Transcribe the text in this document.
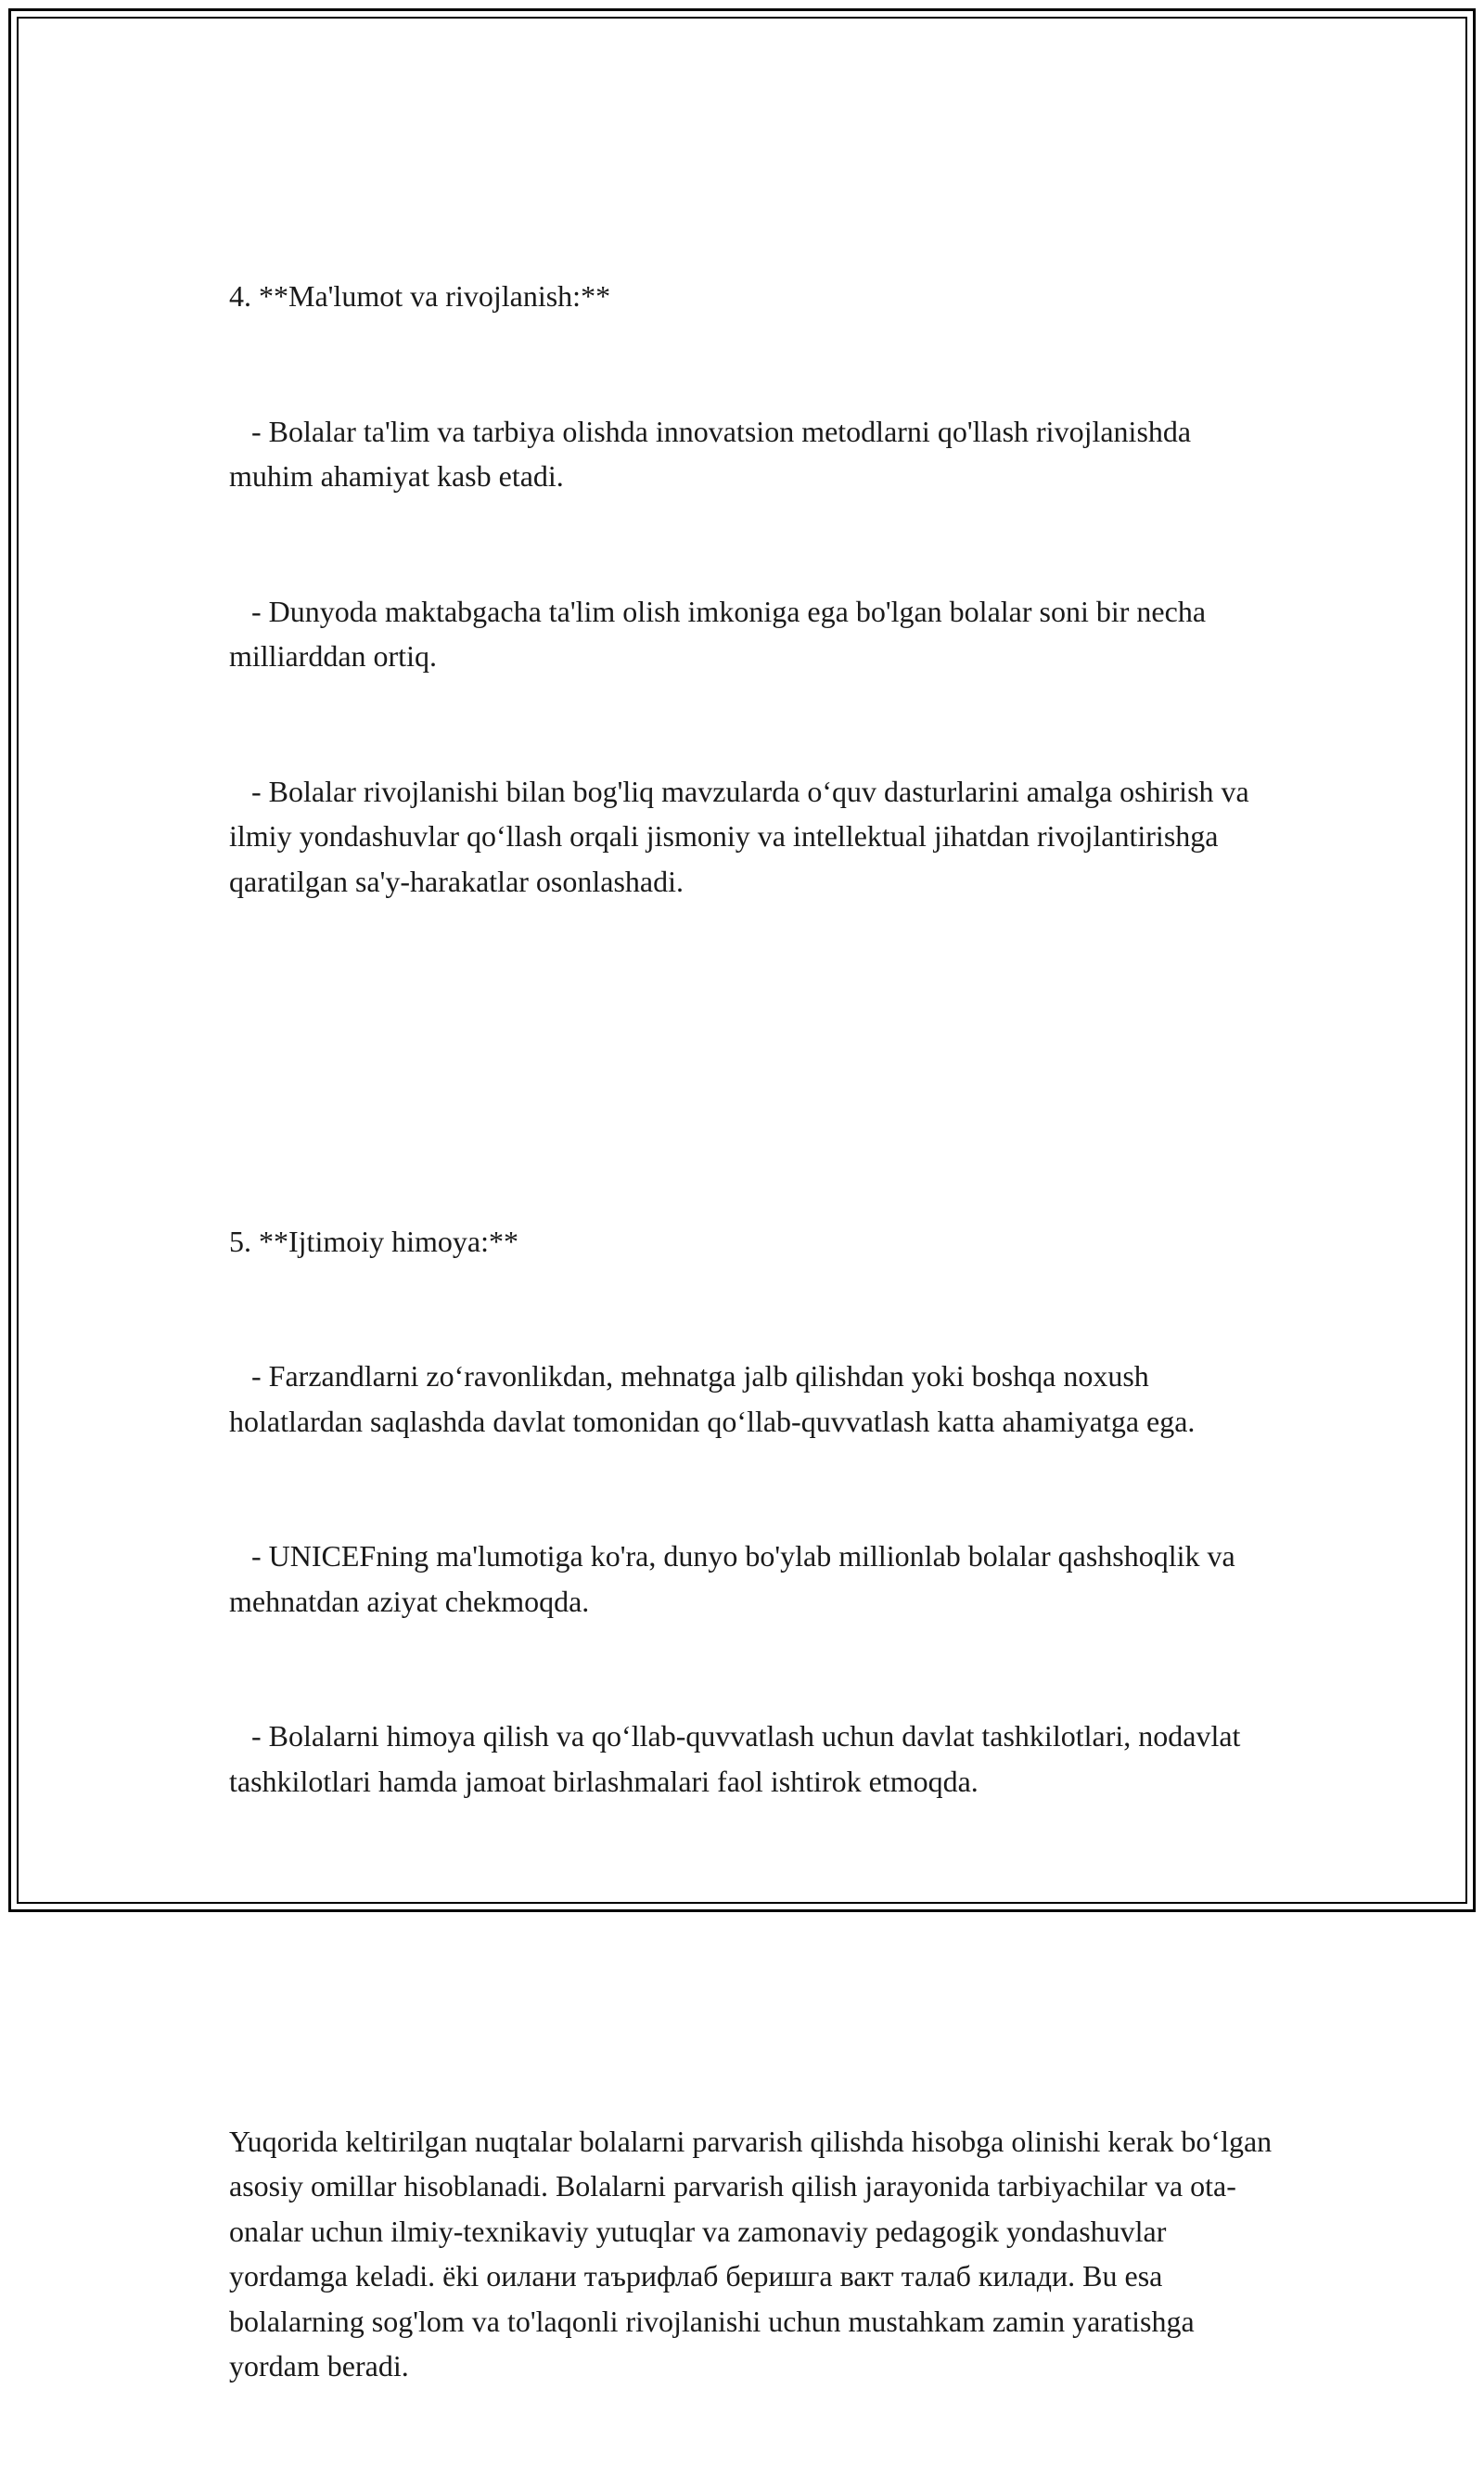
4. **Ma'lumot va rivojlanish:**

- Bolalar ta'lim va tarbiya olishda innovatsion metodlarni qo'llash rivojlanishda muhim ahamiyat kasb etadi.

- Dunyoda maktabgacha ta'lim olish imkoniga ega bo'lgan bolalar soni bir necha milliarddan ortiq.

- Bolalar rivojlanishi bilan bog'liq mavzularda o‘quv dasturlarini amalga oshirish va ilmiy yondashuvlar qo‘llash orqali jismoniy va intellektual jihatdan rivojlantirishga qaratilgan sa'y-harakatlar osonlashadi.

5. **Ijtimoiy himoya:**

- Farzandlarni zo‘ravonlikdan, mehnatga jalb qilishdan yoki boshqa noxush holatlardan saqlashda davlat tomonidan qo‘llab-quvvatlash katta ahamiyatga ega.

- UNICEFning ma'lumotiga ko'ra, dunyo bo'ylab millionlab bolalar qashshoqlik va mehnatdan aziyat chekmoqda.

- Bolalarni himoya qilish va qo‘llab-quvvatlash uchun davlat tashkilotlari, nodavlat tashkilotlari hamda jamoat birlashmalari faol ishtirok etmoqda.

Yuqorida keltirilgan nuqtalar bolalarni parvarish qilishda hisobga olinishi kerak bo‘lgan asosiy omillar hisoblanadi. Bolalarni parvarish qilish jarayonida tarbiyachilar va ota-onalar uchun ilmiy-texnikaviy yutuqlar va zamonaviy pedagogik yondashuvlar yordamga keladi. ёki оилани таърифлаб беришга вакт талаб килади. Bu esa bolalarning sog'lom va to'laqonli rivojlanishi uchun mustahkam zamin yaratishga yordam beradi.
